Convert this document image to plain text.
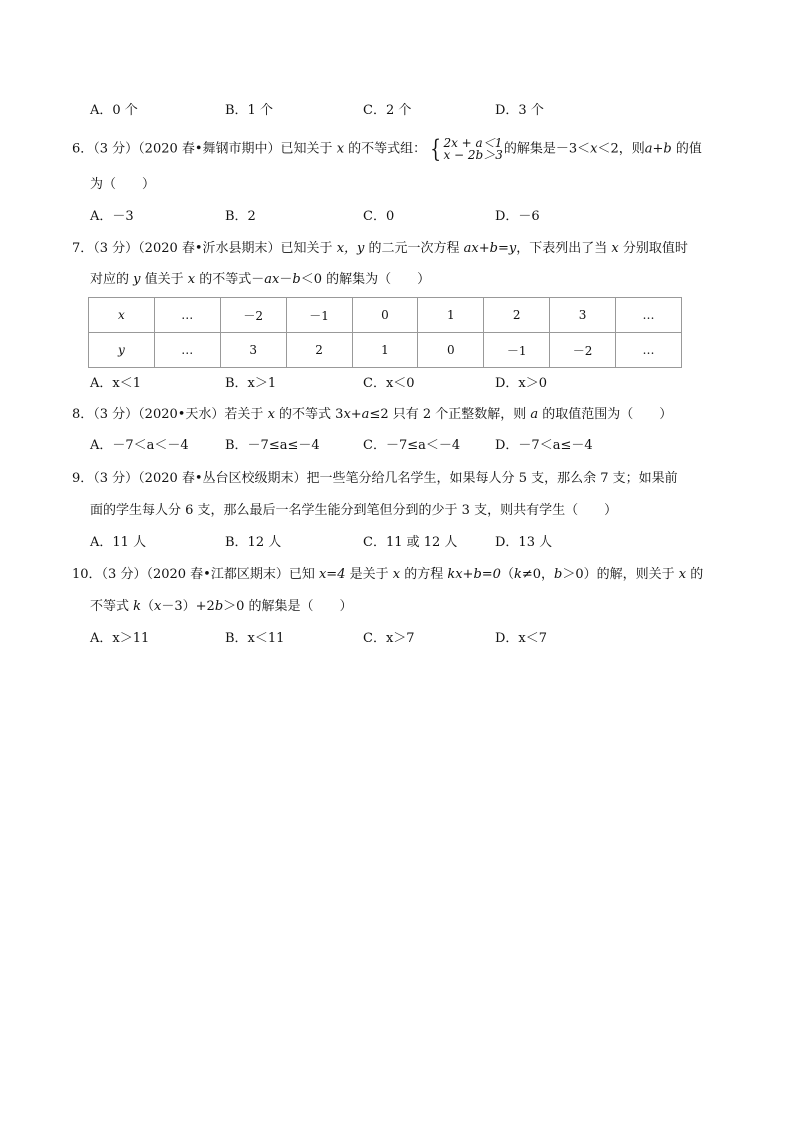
A．0 个	B．1 个	C．2 个	D．3 个
6．（3 分）（2020 春•舞钢市期中）已知关于 x 的不等式组： { 2x + a＜1
x − 2b＞3 的解集是－3＜x＜2，则a+b 的值
为（　　）
A．－3	B．2	C．0	D．－6
7．（3 分）（2020 春•沂水县期末）已知关于 x，y 的二元一次方程 ax+b=y，下表列出了当 x 分别取值时
对应的 y 值关于 x 的不等式－ax－b＜0 的解集为（　　）
x	…	－2	－1	0	1	2	3	…
y	…	3	2	1	0	－1	－2	…
A．x＜1	B．x＞1	C．x＜0	D．x＞0
8．（3 分）（2020•天水）若关于 x 的不等式 3x+a≤2 只有 2 个正整数解，则 a 的取值范围为（　　）
A．－7＜a＜－4	B．－7≤a≤－4	C．－7≤a＜－4	D．－7＜a≤－4
9．（3 分）（2020 春•丛台区校级期末）把一些笔分给几名学生，如果每人分 5 支，那么余 7 支；如果前
面的学生每人分 6 支，那么最后一名学生能分到笔但分到的少于 3 支，则共有学生（　　）
A．11 人	B．12 人	C．11 或 12 人	D．13 人
10．（3 分）（2020 春•江都区期末）已知 x=4 是关于 x 的方程 kx+b=0（k≠0，b＞0）的解，则关于 x 的
不等式 k（x－3）+2b＞0 的解集是（　　）
A．x＞11	B．x＜11	C．x＞7	D．x＜7
